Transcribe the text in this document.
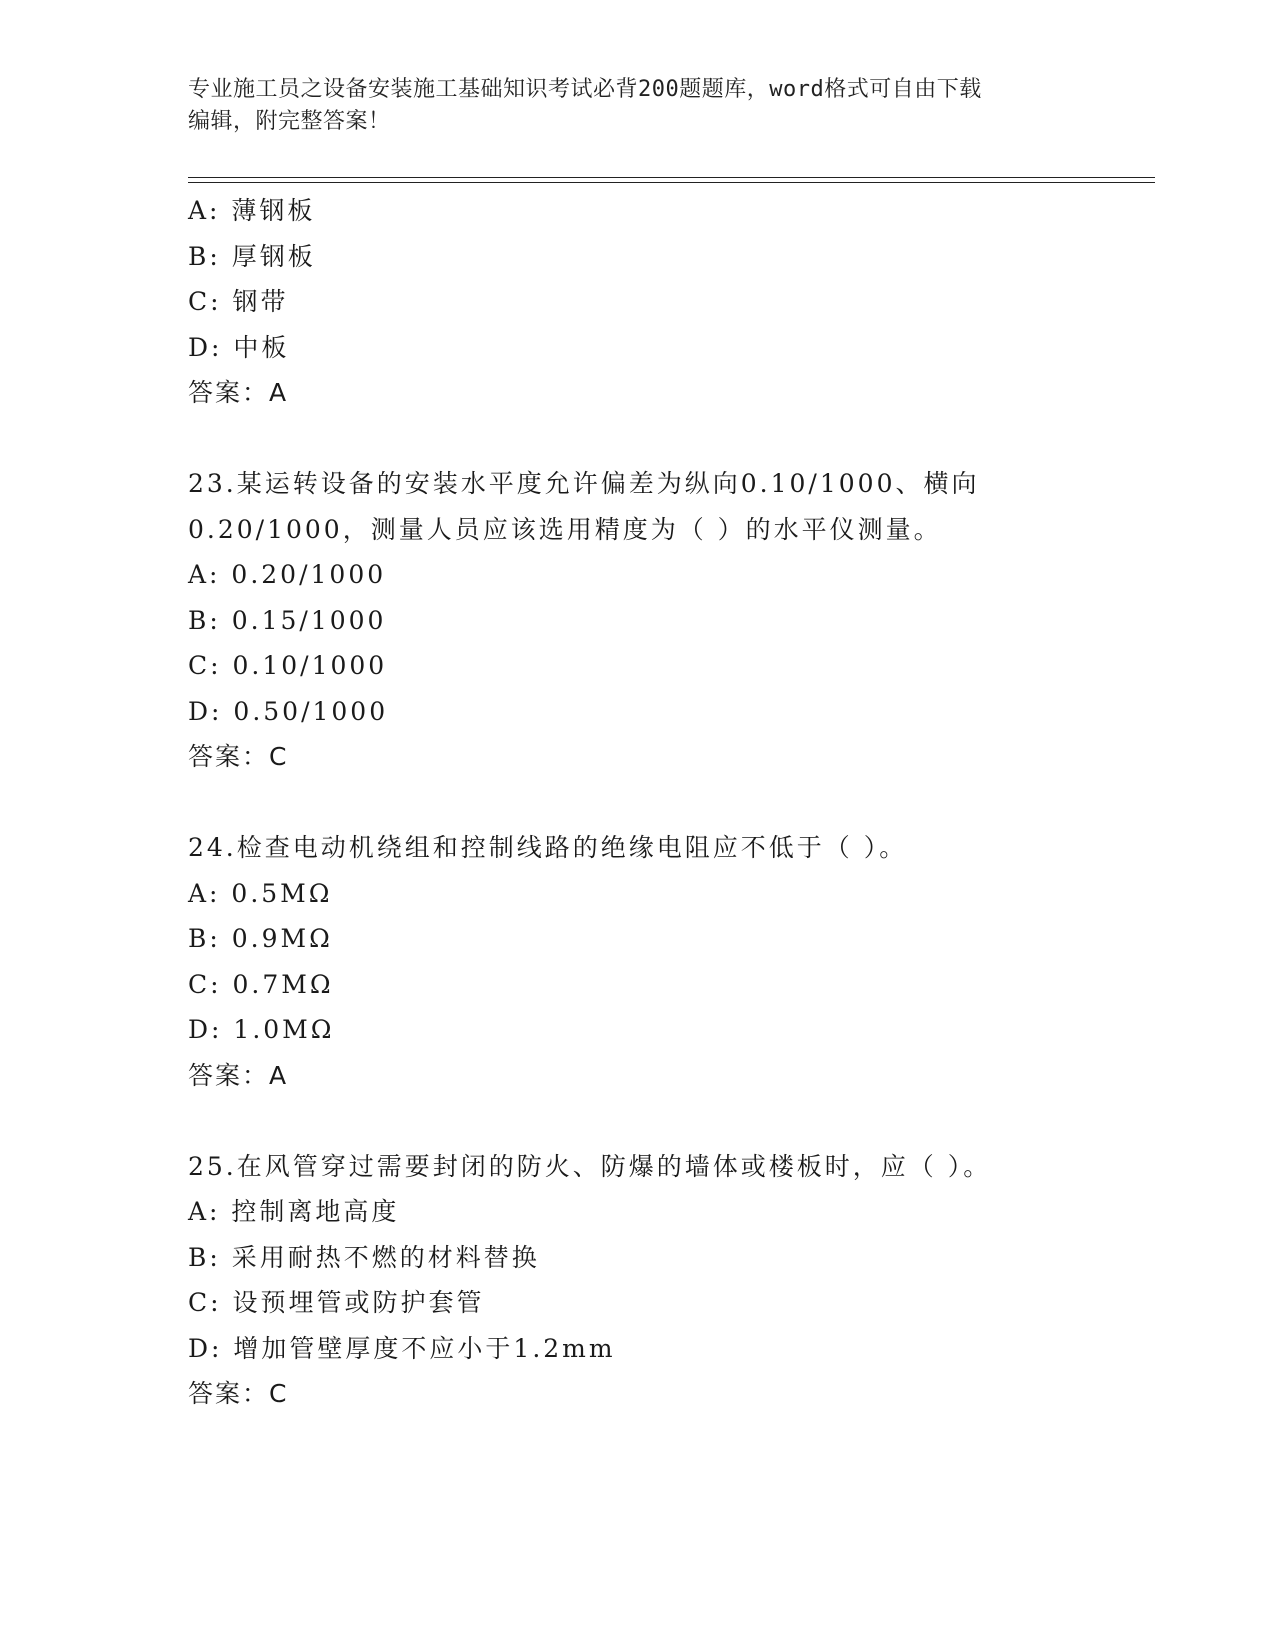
专业施工员之设备安装施工基础知识考试必背200题题库，word格式可自由下载
编辑，附完整答案！
A: 薄钢板
B: 厚钢板
C: 钢带
D: 中板
答案：A
23.某运转设备的安装水平度允许偏差为纵向0.10/1000、横向
0.20/1000，测量人员应该选用精度为（ ）的水平仪测量。
A: 0.20/1000
B: 0.15/1000
C: 0.10/1000
D: 0.50/1000
答案：C
24.检查电动机绕组和控制线路的绝缘电阻应不低于（ ）。
A: 0.5MΩ
B: 0.9MΩ
C: 0.7MΩ
D: 1.0MΩ
答案：A
25.在风管穿过需要封闭的防火、防爆的墙体或楼板时，应（ ）。
A: 控制离地高度
B: 采用耐热不燃的材料替换
C: 设预埋管或防护套管
D: 增加管壁厚度不应小于1.2mm
答案：C
